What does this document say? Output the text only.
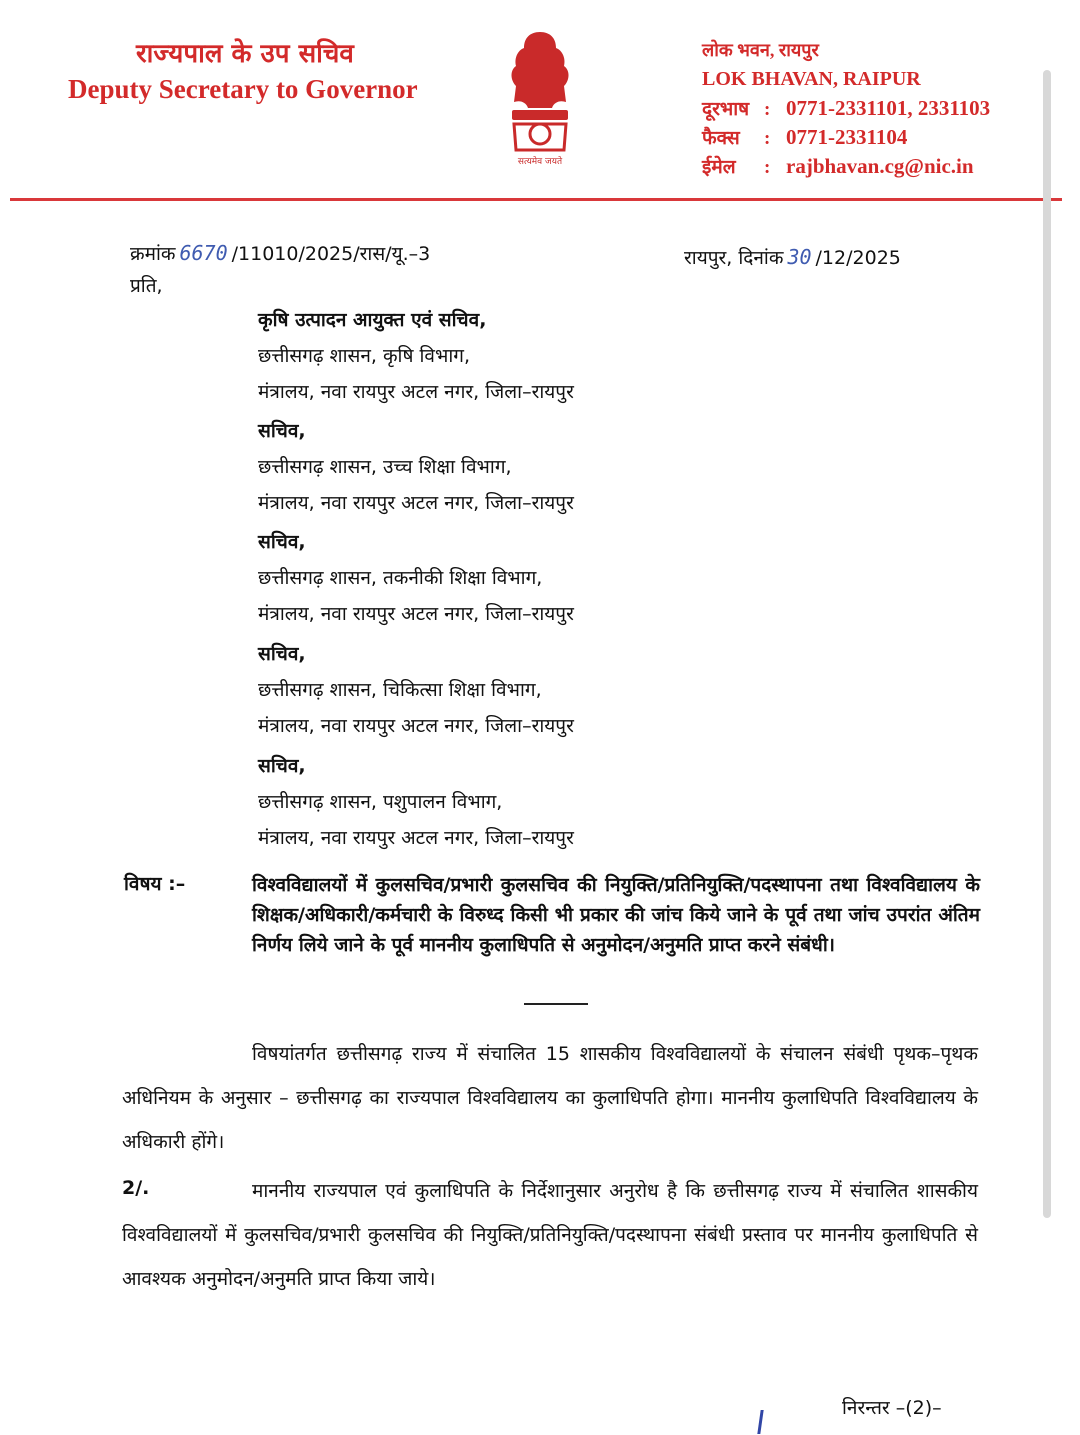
राज्यपाल के उप सचिव
Deputy Secretary to Governor
सत्यमेव जयते
लोक भवन, रायपुर
LOK BHAVAN, RAIPUR
दूरभाष : 0771-2331101, 2331103
फैक्स : 0771-2331104
ईमेल : rajbhavan.cg@nic.in
क्रमांक 6670 /11010/2025/रास/यू.–3	रायपुर, दिनांक 30 /12/2025
प्रति,
कृषि उत्पादन आयुक्त एवं सचिव,
छत्तीसगढ़ शासन, कृषि विभाग,
मंत्रालय, नवा रायपुर अटल नगर, जिला–रायपुर
सचिव,
छत्तीसगढ़ शासन, उच्च शिक्षा विभाग,
मंत्रालय, नवा रायपुर अटल नगर, जिला–रायपुर
सचिव,
छत्तीसगढ़ शासन, तकनीकी शिक्षा विभाग,
मंत्रालय, नवा रायपुर अटल नगर, जिला–रायपुर
सचिव,
छत्तीसगढ़ शासन, चिकित्सा शिक्षा विभाग,
मंत्रालय, नवा रायपुर अटल नगर, जिला–रायपुर
सचिव,
छत्तीसगढ़ शासन, पशुपालन विभाग,
मंत्रालय, नवा रायपुर अटल नगर, जिला–रायपुर
विषय :–	विश्वविद्यालयों में कुलसचिव/प्रभारी कुलसचिव की नियुक्ति/प्रतिनियुक्ति/पदस्थापना तथा विश्वविद्यालय के शिक्षक/अधिकारी/कर्मचारी के विरुध्द किसी भी प्रकार की जांच किये जाने के पूर्व तथा जांच उपरांत अंतिम निर्णय लिये जाने के पूर्व माननीय कुलाधिपति से अनुमोदन/अनुमति प्राप्त करने संबंधी।
विषयांतर्गत छत्तीसगढ़ राज्य में संचालित 15 शासकीय विश्वविद्यालयों के संचालन संबंधी पृथक–पृथक अधिनियम के अनुसार – छत्तीसगढ़ का राज्यपाल विश्वविद्यालय का कुलाधिपति होगा। माननीय कुलाधिपति विश्वविद्यालय के अधिकारी होंगे।
2/.	माननीय राज्यपाल एवं कुलाधिपति के निर्देशानुसार अनुरोध है कि छत्तीसगढ़ राज्य में संचालित शासकीय विश्वविद्यालयों में कुलसचिव/प्रभारी कुलसचिव की नियुक्ति/प्रतिनियुक्ति/पदस्थापना संबंधी प्रस्ताव पर माननीय कुलाधिपति से आवश्यक अनुमोदन/अनुमति प्राप्त किया जाये।
निरन्तर –(2)–
